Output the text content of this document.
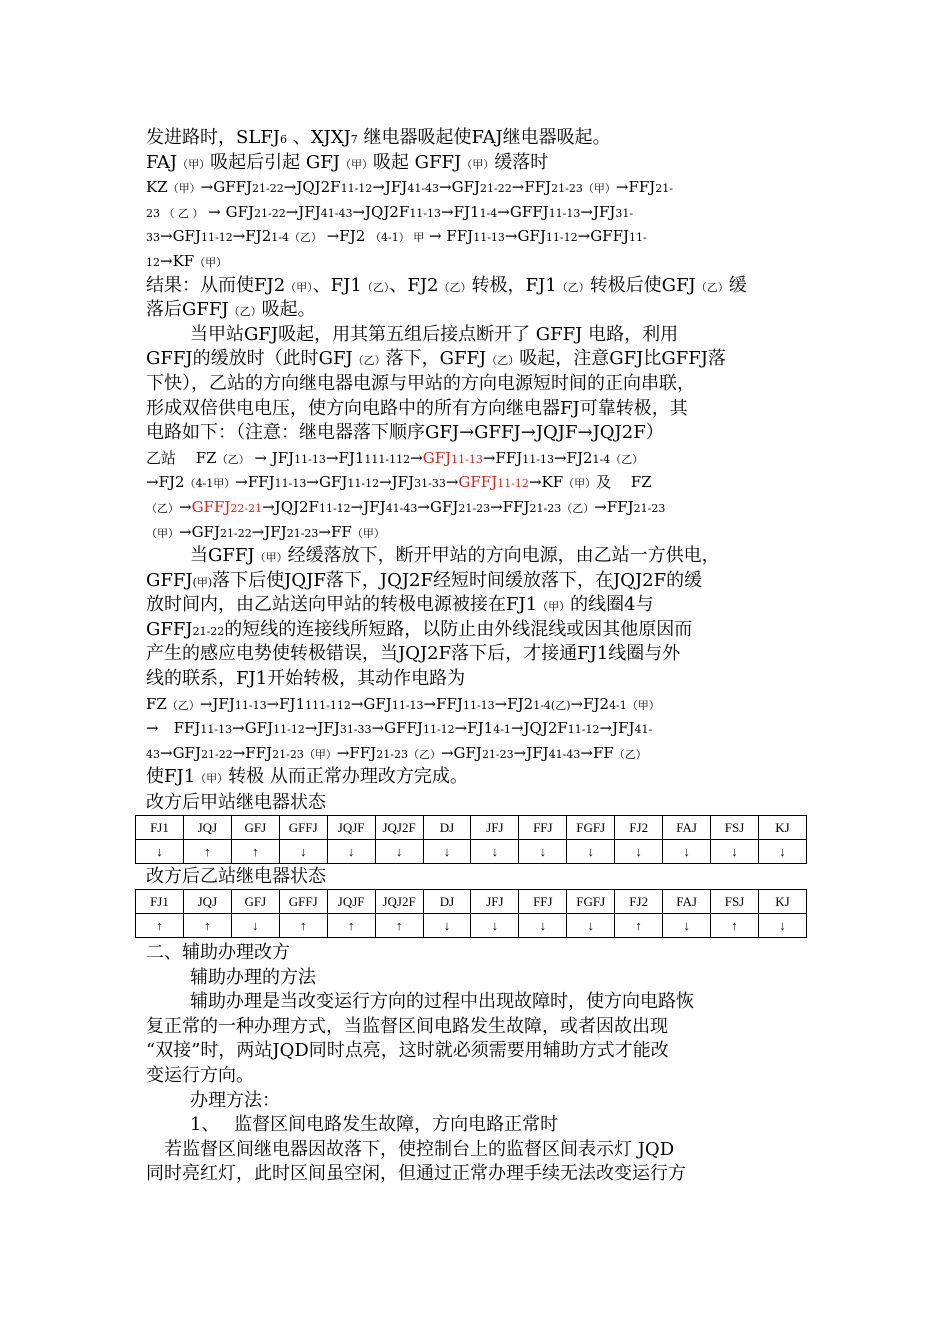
发进路时，SLFJ6 、XJXJ7 继电器吸起使FAJ继电器吸起。
FAJ（甲）吸起后引起 GFJ（甲）吸起 GFFJ（甲）缓落时
KZ（甲）→GFFJ21-22→JQJ2F11-12→JFJ41-43→GFJ21-22→FFJ21-23（甲）→FFJ21-
23 （ 乙 ） → GFJ21-22→JFJ41-43→JQJ2F11-13→FJ11-4→GFFJ11-13→JFJ31-
33→GFJ11-12→FJ21-4（乙） →FJ2 （4-1） 甲 → FFJ11-13→GFJ11-12→GFFJ11-
12→KF（甲）
结果：从而使FJ2（甲）、FJ1（乙）、FJ2（乙）转极，FJ1（乙）转极后使GFJ（乙）缓
落后GFFJ（乙）吸起。
当甲站GFJ吸起，用其第五组后接点断开了 GFFJ 电路，利用
GFFJ的缓放时（此时GFJ（乙）落下，GFFJ（乙）吸起，注意GFJ比GFFJ落
下快），乙站的方向继电器电源与甲站的方向电源短时间的正向串联，
形成双倍供电电压，使方向电路中的所有方向继电器FJ可靠转极，其
电路如下：（注意：继电器落下顺序GFJ→GFFJ→JQJF→JQJ2F）
乙站　 FZ（乙） → JFJ11-13→FJ1111-112→GFJ11-13→FFJ11-13→FJ21-4（乙）
→FJ2（4-1甲）→FFJ11-13→GFJ11-12→JFJ31-33→GFFJ11-12→KF（甲）及　 FZ
（乙）→GFFJ22-21→JQJ2F11-12→JFJ41-43→GFJ21-23→FFJ21-23（乙）→FFJ21-23
（甲）→GFJ21-22→JFJ21-23→FF（甲）
当GFFJ（甲）经缓落放下，断开甲站的方向电源，由乙站一方供电，
GFFJ(甲)落下后使JQJF落下，JQJ2F经短时间缓放落下，在JQJ2F的缓
放时间内，由乙站送向甲站的转极电源被接在FJ1（甲）的线圈4与
GFFJ21-22的短线的连接线所短路，以防止由外线混线或因其他原因而
产生的感应电势使转极错误，当JQJ2F落下后，才接通FJ1线圈与外
线的联系，FJ1开始转极，其动作电路为
FZ（乙）→JFJ11-13→FJ1111-112→GFJ11-13→FFJ11-13→FJ21-4(乙)→FJ24-1（甲）
→　FFJ11-13→GFJ11-12→JFJ31-33→GFFJ11-12→FJ14-1→JQJ2F11-12→JFJ41-
43→GFJ21-22→FFJ21-23（甲）→FFJ21-23（乙）→GFJ21-23→JFJ41-43→FF（乙）
使FJ1（甲）转极 从而正常办理改方完成。
改方后甲站继电器状态
FJ1	JQJ	GFJ	GFFJ	JQJF	JQJ2F	DJ	JFJ	FFJ	FGFJ	FJ2	FAJ	FSJ	KJ
↓	↑	↑	↓	↓	↓	↓	↓	↓	↓	↓	↓	↓	↓
改方后乙站继电器状态
FJ1	JQJ	GFJ	GFFJ	JQJF	JQJ2F	DJ	JFJ	FFJ	FGFJ	FJ2	FAJ	FSJ	KJ
↑	↑	↓	↑	↑	↑	↓	↓	↓	↓	↑	↓	↑	↓
二、辅助办理改方
辅助办理的方法
辅助办理是当改变运行方向的过程中出现故障时，使方向电路恢
复正常的一种办理方式，当监督区间电路发生故障，或者因故出现
“双接”时，两站JQD同时点亮，这时就必须需要用辅助方式才能改
变运行方向。
办理方法：
1、　 监督区间电路发生故障，方向电路正常时
　若监督区间继电器因故落下，使控制台上的监督区间表示灯 JQD
同时亮红灯，此时区间虽空闲，但通过正常办理手续无法改变运行方
